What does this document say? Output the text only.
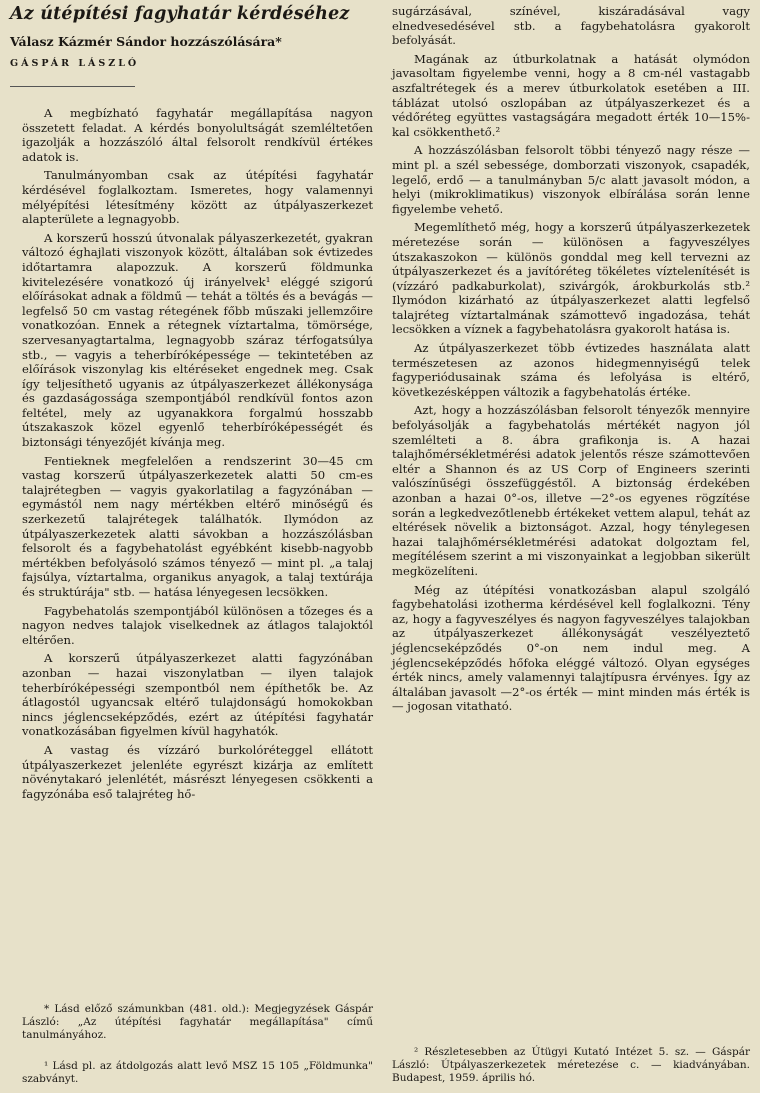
Az útépítési fagyhatár kérdéséhez
Válasz Kázmér Sándor hozzászólására*
GÁSPÁR LÁSZLÓ

A megbízható fagyhatár megállapítása nagyon összetett feladat. A kérdés bonyolultságát szemléltetően igazolják a hozzászóló által felsorolt rendkívül értékes adatok is.

Tanulmányomban csak az útépítési fagyhatár kérdésével foglalkoztam. Ismeretes, hogy valamennyi mélyépítési létesítmény között az útpályaszerkezet alapterülete a legnagyobb.

A korszerű hosszú útvonalak pályaszerkezetét, gyakran változó éghajlati viszonyok között, általában sok évtizedes időtartamra alapozzuk. A korszerű földmunka kivitelezésére vonatkozó új irányelvek¹ eléggé szigorú előírásokat adnak a földmű — tehát a töltés és a bevágás — legfelső 50 cm vastag rétegének főbb műszaki jellemzőire vonatkozóan. Ennek a rétegnek víztartalma, tömörsége, szervesanyagtartalma, legnagyobb száraz térfogatsúlya stb., — vagyis a teherbíróképessége — tekintetében az előírások viszonylag kis eltéréseket engednek meg. Csak így teljesíthető ugyanis az útpályaszerkezet állékonysága és gazdaságossága szempontjából rendkívül fontos azon feltétel, mely az ugyanakkora forgalmú hosszabb útszakaszok közel egyenlő teherbíróképességét és biztonsági tényezőjét kívánja meg.

Fentieknek megfelelően a rendszerint 30—45 cm vastag korszerű útpályaszerkezetek alatti 50 cm-es talajrétegben — vagyis gyakorlatilag a fagyzónában — egymástól nem nagy mértékben eltérő minőségű és szerkezetű talajrétegek találhatók. Ilymódon az útpályaszerkezetek alatti sávokban a hozzászólásban felsorolt és a fagybehatolást egyébként kisebb-nagyobb mértékben befolyásoló számos tényező — mint pl. „a talaj fajsúlya, víztartalma, organikus anyagok, a talaj textúrája és struktúrája" stb. — hatása lényegesen lecsökken.

Fagybehatolás szempontjából különösen a tőzeges és a nagyon nedves talajok viselkednek az átlagos talajoktól eltérően.

A korszerű útpályaszerkezet alatti fagyzónában azonban — hazai viszonylatban — ilyen talajok teherbíróképességi szempontból nem építhetők be. Az átlagostól ugyancsak eltérő tulajdonságú homokokban nincs jéglencseképződés, ezért az útépítési fagyhatár vonatkozásában figyelmen kívül hagyhatók.

A vastag és vízzáró burkolóréteggel ellátott útpályaszerkezet jelenléte egyrészt kizárja az említett növénytakaró jelenlétét, másrészt lényegesen csökkenti a fagyzónába eső talajréteg hő-

sugárzásával, színével, kiszáradásával vagy elnedvesedésével stb. a fagybehatolásra gyakorolt befolyását.

Magának az útburkolatnak a hatását olymódon javasoltam figyelembe venni, hogy a 8 cm-nél vastagabb aszfaltrétegek és a merev útburkolatok esetében a III. táblázat utolsó oszlopában az útpályaszerkezet és a védőréteg együttes vastagságára megadott érték 10—15%-kal csökkenthető.²

A hozzászólásban felsorolt többi tényező nagy része — mint pl. a szél sebessége, domborzati viszonyok, csapadék, legelő, erdő — a tanulmányban 5/c alatt javasolt módon, a helyi (mikroklimatikus) viszonyok elbírálása során lenne figyelembe vehető.

Megemlíthető még, hogy a korszerű útpályaszerkezetek méretezése során — különösen a fagyveszélyes útszakaszokon — különös gonddal meg kell tervezni az útpályaszerkezet és a javítóréteg tökéletes víztelenítését is (vízzáró padkaburkolat), szivárgók, árokburkolás stb.² Ilymódon kizárható az útpályaszerkezet alatti legfelső talajréteg víztartalmának számottevő ingadozása, tehát lecsökken a víznek a fagybehatolásra gyakorolt hatása is.

Az útpályaszerkezet több évtizedes használata alatt természetesen az azonos hidegmennyiségű telek fagyperiódusainak száma és lefolyása is eltérő, következésképpen változik a fagybehatolás értéke.

Azt, hogy a hozzászólásban felsorolt tényezők mennyire befolyásolják a fagybehatolás mértékét nagyon jól szemlélteti a 8. ábra grafikonja is. A hazai talajhőmérsékletmérési adatok jelentős része számottevően eltér a Shannon és az US Corp of Engineers szerinti valószínűségi összefüggéstől. A biztonság érdekében azonban a hazai 0°-os, illetve —2°-os egyenes rögzítése során a legkedvezőtlenebb értékeket vettem alapul, tehát az eltérések növelik a biztonságot. Azzal, hogy ténylegesen hazai talajhőmérsékletmérési adatokat dolgoztam fel, megítélésem szerint a mi viszonyainkat a legjobban sikerült megközelíteni.

Még az útépítési vonatkozásban alapul szolgáló fagybehatolási izotherma kérdésével kell foglalkozni. Tény az, hogy a fagyveszélyes és nagyon fagyveszélyes talajokban az útpályaszerkezet állékonyságát veszélyeztető jéglencseképződés 0°-on nem indul meg. A jéglencseképződés hőfoka eléggé változó. Olyan egységes érték nincs, amely valamennyi talajtípusra érvényes. Így az általában javasolt —2°-os érték — mint minden más érték is — jogosan vitatható.

* Lásd előző számunkban (481. old.): Megjegyzések Gáspár László: „Az útépítési fagyhatár megállapítása" című tanulmányához.

¹ Lásd pl. az átdolgozás alatt levő MSZ 15 105 „Földmunka" szabványt.

² Részletesebben az Útügyi Kutató Intézet 5. sz. — Gáspár László: Útpályaszerkezetek méretezése c. — kiadványában. Budapest, 1959. április hó.
